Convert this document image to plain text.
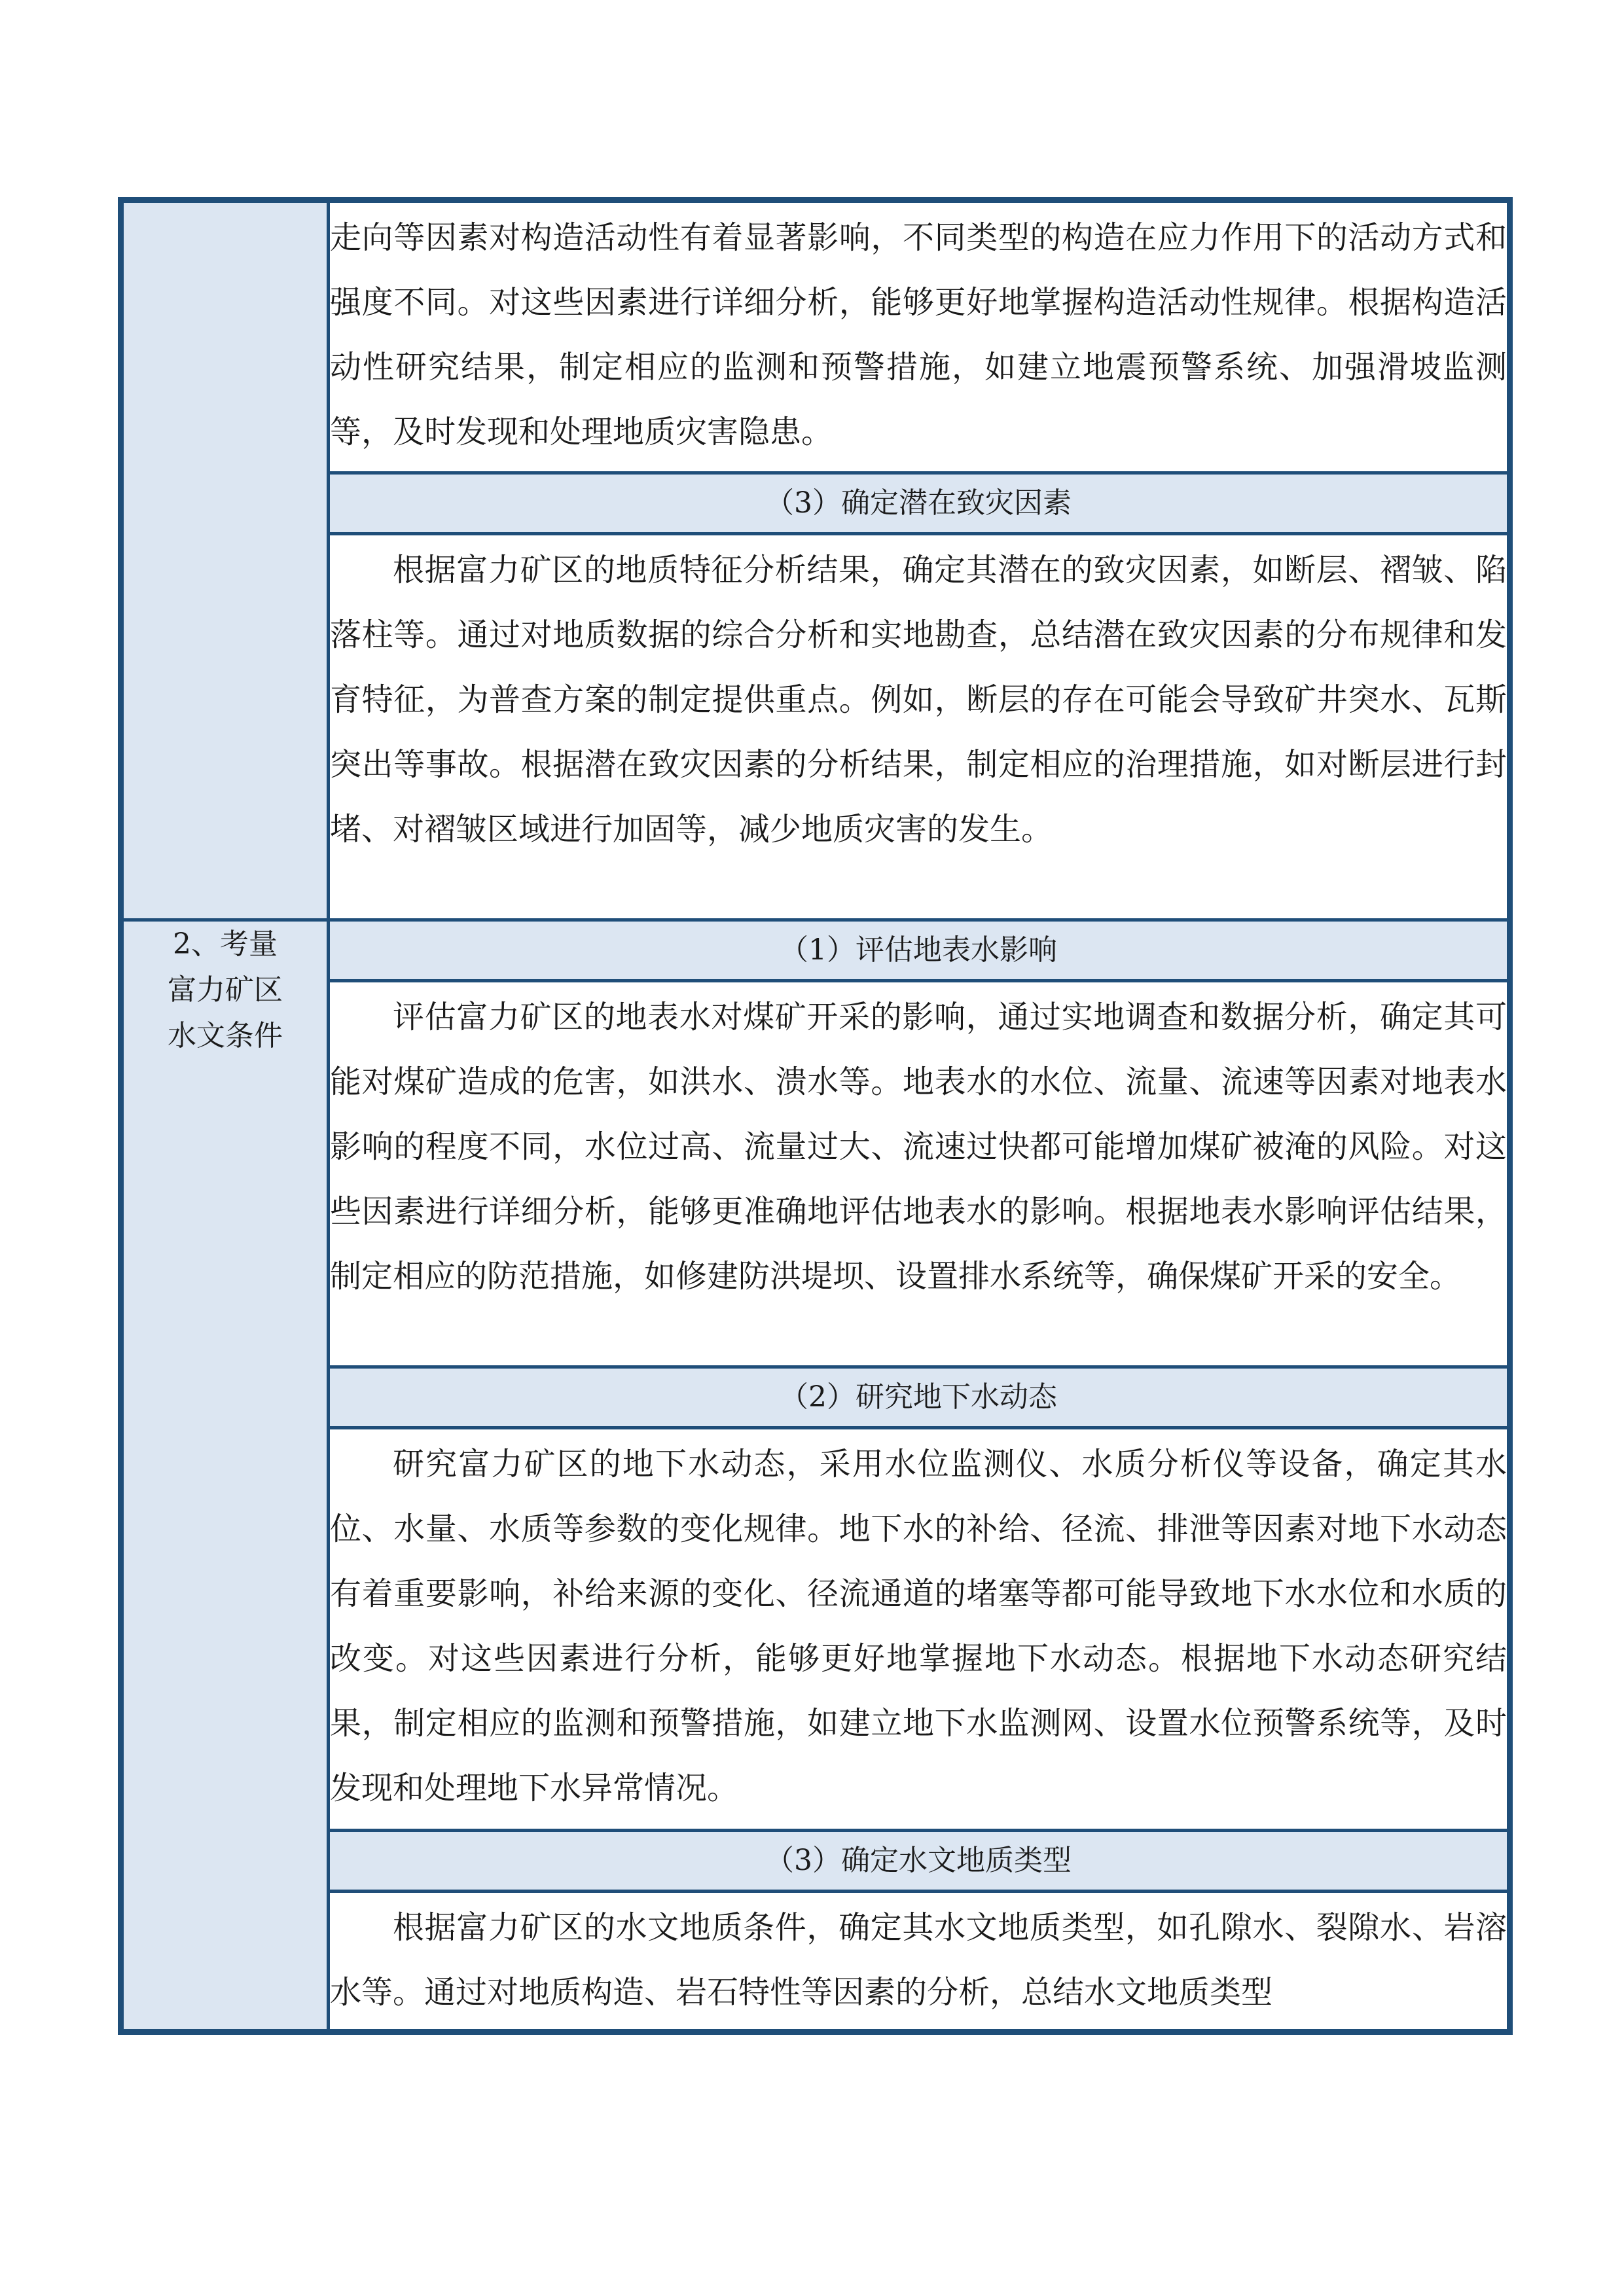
	走向等因素对构造活动性有着显著影响，不同类型的构造在应力作用下的活动方式和强度不同。对这些因素进行详细分析，能够更好地掌握构造活动性规律。根据构造活动性研究结果，制定相应的监测和预警措施，如建立地震预警系统、加强滑坡监测等，及时发现和处理地质灾害隐患。

	（3）确定潜在致灾因素

	根据富力矿区的地质特征分析结果，确定其潜在的致灾因素，如断层、褶皱、陷落柱等。通过对地质数据的综合分析和实地勘查，总结潜在致灾因素的分布规律和发育特征，为普查方案的制定提供重点。例如，断层的存在可能会导致矿井突水、瓦斯突出等事故。根据潜在致灾因素的分析结果，制定相应的治理措施，如对断层进行封堵、对褶皱区域进行加固等，减少地质灾害的发生。

2、考量富力矿区水文条件	（1）评估地表水影响

	评估富力矿区的地表水对煤矿开采的影响，通过实地调查和数据分析，确定其可能对煤矿造成的危害，如洪水、溃水等。地表水的水位、流量、流速等因素对地表水影响的程度不同，水位过高、流量过大、流速过快都可能增加煤矿被淹的风险。对这些因素进行详细分析，能够更准确地评估地表水的影响。根据地表水影响评估结果，制定相应的防范措施，如修建防洪堤坝、设置排水系统等，确保煤矿开采的安全。

	（2）研究地下水动态

	研究富力矿区的地下水动态，采用水位监测仪、水质分析仪等设备，确定其水位、水量、水质等参数的变化规律。地下水的补给、径流、排泄等因素对地下水动态有着重要影响，补给来源的变化、径流通道的堵塞等都可能导致地下水水位和水质的改变。对这些因素进行分析，能够更好地掌握地下水动态。根据地下水动态研究结果，制定相应的监测和预警措施，如建立地下水监测网、设置水位预警系统等，及时发现和处理地下水异常情况。

	（3）确定水文地质类型

	根据富力矿区的水文地质条件，确定其水文地质类型，如孔隙水、裂隙水、岩溶水等。通过对地质构造、岩石特性等因素的分析，总结水文地质类型
